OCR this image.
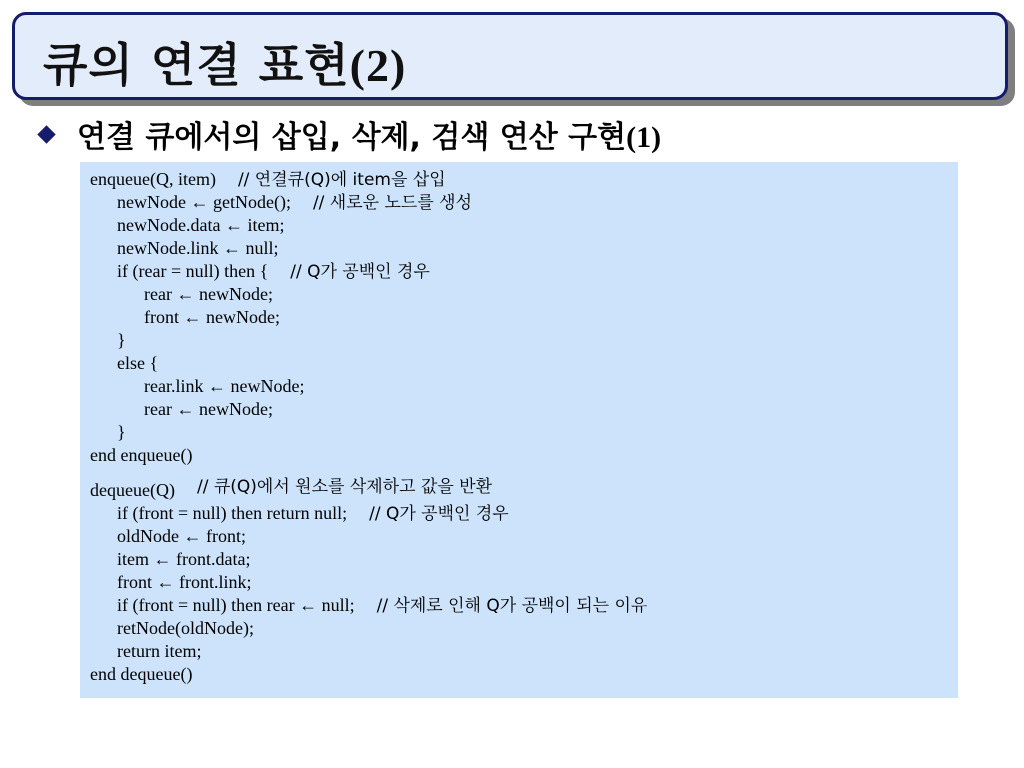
큐의 연결 표현(2)
연결 큐에서의 삽입, 삭제, 검색 연산 구현(1)
enqueue(Q, item) // 연결큐(Q)에 item을 삽입
newNode ← getNode(); // 새로운 노드를 생성
newNode.data ← item;
newNode.link ← null;
if (rear = null) then { // Q가 공백인 경우
rear ← newNode;
front ← newNode;
}
else {
rear.link ← newNode;
rear ← newNode;
}
end enqueue()
dequeue(Q) // 큐(Q)에서 원소를 삭제하고 값을 반환
if (front = null) then return null; // Q가 공백인 경우
oldNode ← front;
item ← front.data;
front ← front.link;
if (front = null) then rear ← null; // 삭제로 인해 Q가 공백이 되는 이유
retNode(oldNode);
return item;
end dequeue()
